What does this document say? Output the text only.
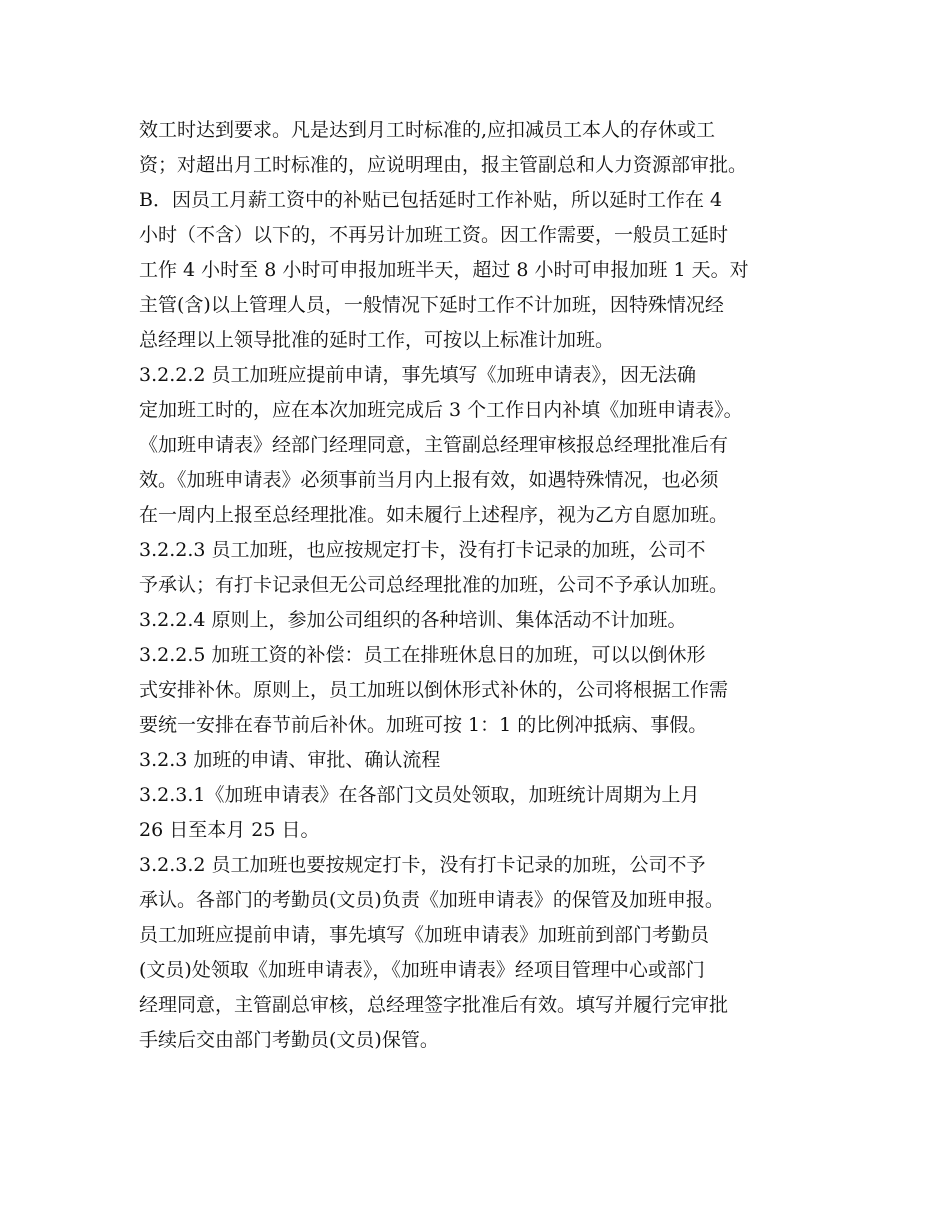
效工时达到要求。凡是达到月工时标准的,应扣减员工本人的存休或工

资；对超出月工时标准的，应说明理由，报主管副总和人力资源部审批。

B．因员工月薪工资中的补贴已包括延时工作补贴，所以延时工作在 4

小时（不含）以下的，不再另计加班工资。因工作需要，一般员工延时

工作 4 小时至 8 小时可申报加班半天，超过 8 小时可申报加班 1 天。对

主管(含)以上管理人员，一般情况下延时工作不计加班，因特殊情况经

总经理以上领导批准的延时工作，可按以上标准计加班。

3.2.2.2 员工加班应提前申请，事先填写《加班申请表》，因无法确

定加班工时的，应在本次加班完成后 3 个工作日内补填《加班申请表》。

《加班申请表》经部门经理同意，主管副总经理审核报总经理批准后有

效。《加班申请表》必须事前当月内上报有效，如遇特殊情况，也必须

在一周内上报至总经理批准。如未履行上述程序，视为乙方自愿加班。

3.2.2.3 员工加班，也应按规定打卡，没有打卡记录的加班，公司不

予承认；有打卡记录但无公司总经理批准的加班，公司不予承认加班。

3.2.2.4 原则上，参加公司组织的各种培训、集体活动不计加班。

3.2.2.5 加班工资的补偿：员工在排班休息日的加班，可以以倒休形

式安排补休。原则上，员工加班以倒休形式补休的，公司将根据工作需

要统一安排在春节前后补休。加班可按 1：1 的比例冲抵病、事假。

3.2.3 加班的申请、审批、确认流程

3.2.3.1《加班申请表》在各部门文员处领取，加班统计周期为上月

26 日至本月 25 日。

3.2.3.2 员工加班也要按规定打卡，没有打卡记录的加班，公司不予

承认。各部门的考勤员(文员)负责《加班申请表》的保管及加班申报。

员工加班应提前申请，事先填写《加班申请表》加班前到部门考勤员

(文员)处领取《加班申请表》，《加班申请表》经项目管理中心或部门

经理同意，主管副总审核，总经理签字批准后有效。填写并履行完审批

手续后交由部门考勤员(文员)保管。
